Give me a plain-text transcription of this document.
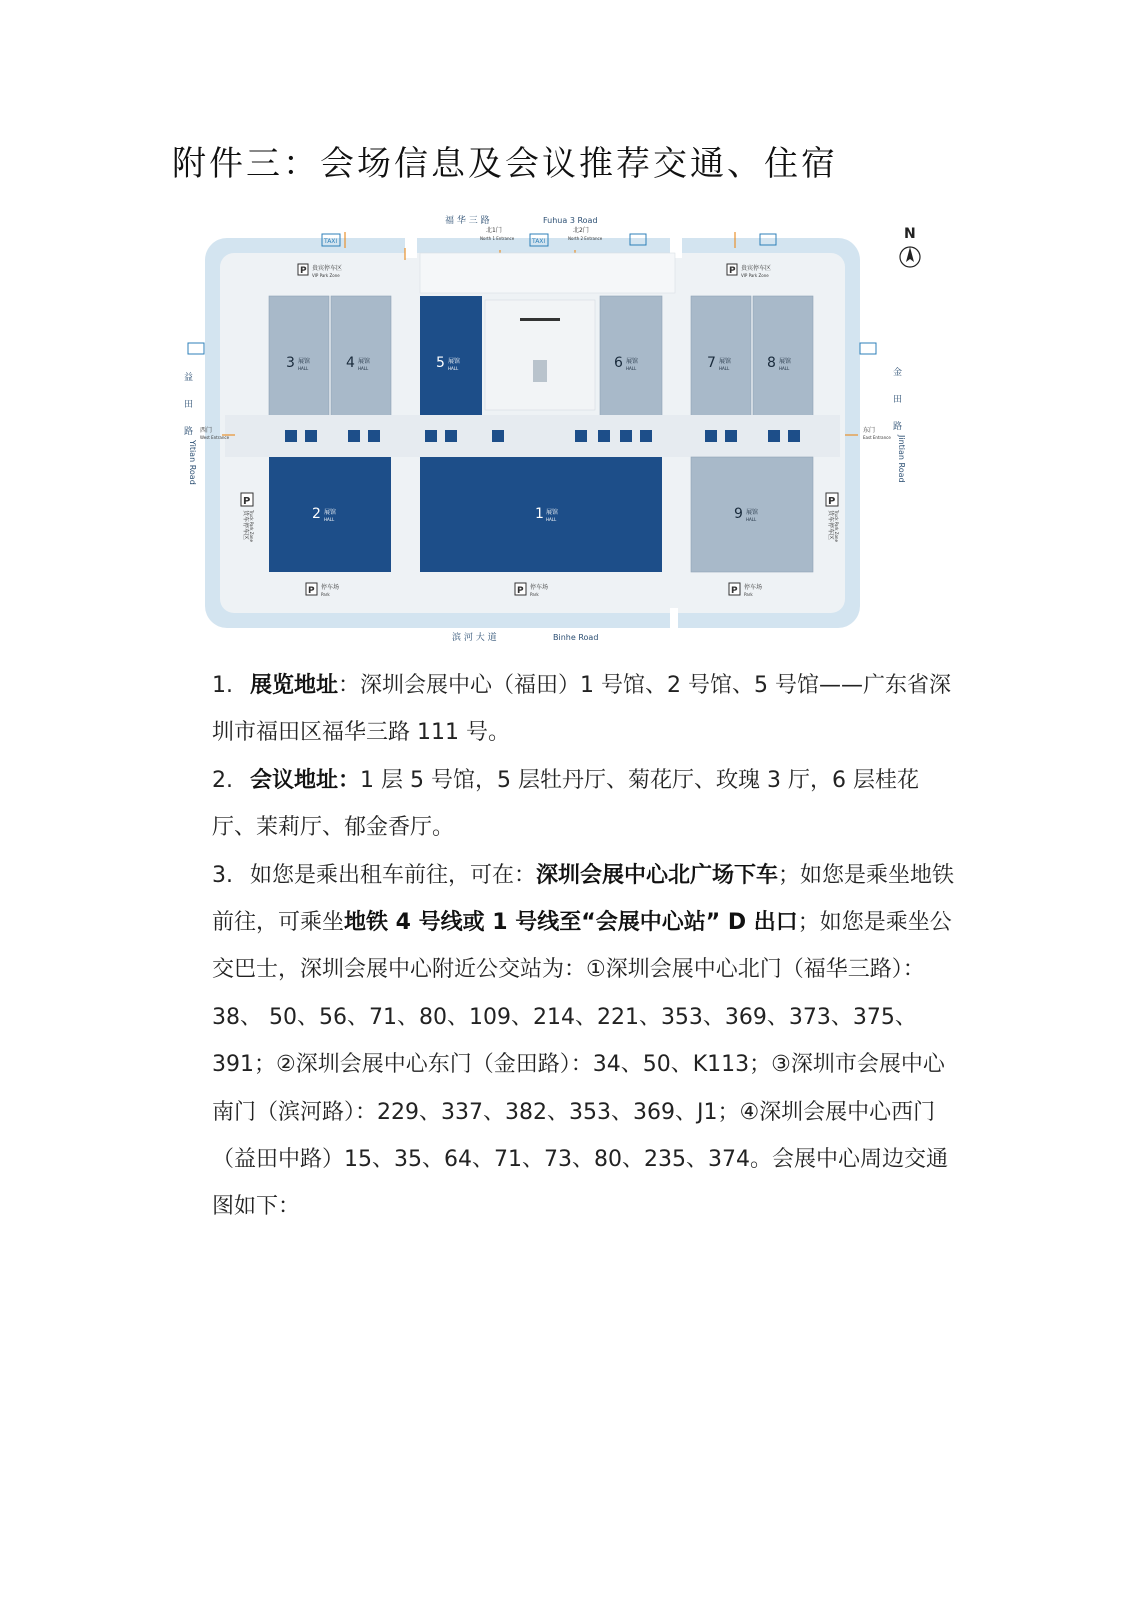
附件三：会场信息及会议推荐交通、住宿
福 华 三 路	Fuhua 3 Road
滨 河 大 道	Binhe Road
益
田
路
Yitian Road
金
田
路
Jintian Road
N
TAXI	TAXI
北1门
North 1 Entrance
北2门
North 2 Entrance
P 贵宾停车区
VIP Park Zone	P 贵宾停车区
VIP Park Zone
3 展馆
HALL	4 展馆
HALL	5 展馆
HALL	6 展馆
HALL	7 展馆
HALL	8 展馆
HALL
西门
West Entrance
东门
East Entrance
2 展馆
HALL	1 展馆
HALL	9 展馆
HALL
P
货车停车区 Truck Park Zone
P
货车停车区 Truck Park Zone
P 停车场
Park	P 停车场
Park	P 停车场
Park

1. 展览地址：深圳会展中心（福田）1 号馆、2 号馆、5 号馆——广东省深圳市福田区福华三路 111 号。

2. 会议地址：1 层 5 号馆，5 层牡丹厅、菊花厅、玫瑰 3 厅，6 层桂花厅、茉莉厅、郁金香厅。

3. 如您是乘出租车前往，可在：深圳会展中心北广场下车；如您是乘坐地铁前往，可乘坐地铁 4 号线或 1 号线至“会展中心站” D 出口；如您是乘坐公交巴士，深圳会展中心附近公交站为：①深圳会展中心北门（福华三路）：38、 50、56、71、80、109、214、221、353、369、373、375、391；②深圳会展中心东门（金田路）：34、50、K113；③深圳市会展中心南门（滨河路）：229、337、382、353、369、J1；④深圳会展中心西门（益田中路）15、35、64、71、73、80、235、374。会展中心周边交通图如下：
